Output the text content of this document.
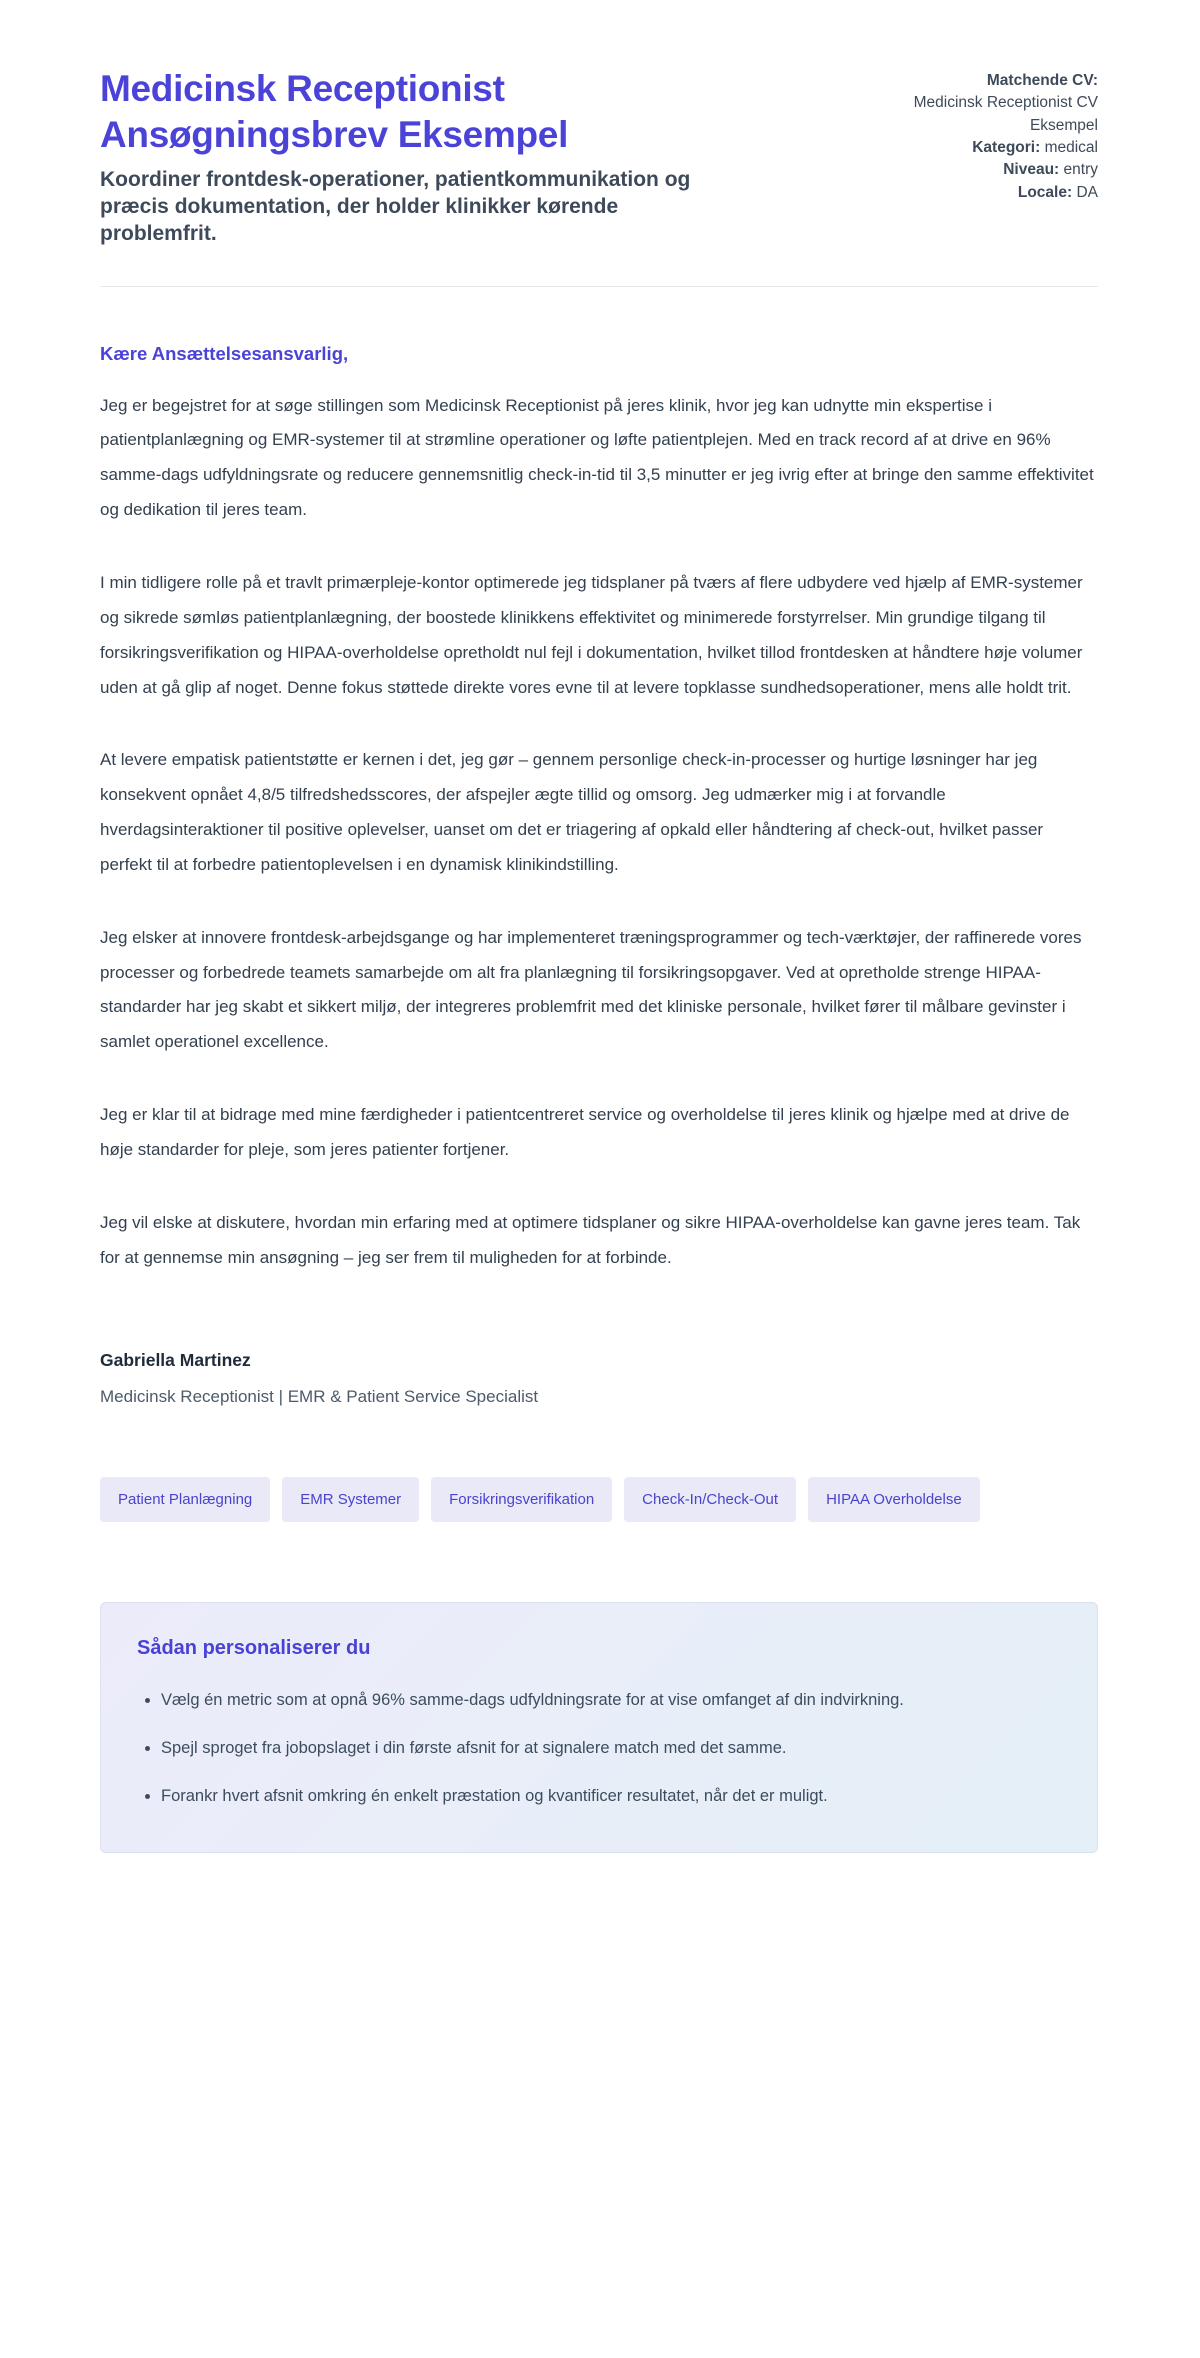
Medicinsk Receptionist Ansøgningsbrev Eksempel
Koordiner frontdesk-operationer, patientkommunikation og præcis dokumentation, der holder klinikker kørende problemfrit.
Matchende CV:
Medicinsk Receptionist CV Eksempel
Kategori: medical
Niveau: entry
Locale: DA
Kære Ansættelsesansvarlig,

Jeg er begejstret for at søge stillingen som Medicinsk Receptionist på jeres klinik, hvor jeg kan udnytte min ekspertise i patientplanlægning og EMR-systemer til at strømline operationer og løfte patientplejen. Med en track record af at drive en 96% samme-dags udfyldningsrate og reducere gennemsnitlig check-in-tid til 3,5 minutter er jeg ivrig efter at bringe den samme effektivitet og dedikation til jeres team.

I min tidligere rolle på et travlt primærpleje-kontor optimerede jeg tidsplaner på tværs af flere udbydere ved hjælp af EMR-systemer og sikrede sømløs patientplanlægning, der boostede klinikkens effektivitet og minimerede forstyrrelser. Min grundige tilgang til forsikringsverifikation og HIPAA-overholdelse opretholdt nul fejl i dokumentation, hvilket tillod frontdesken at håndtere høje volumer uden at gå glip af noget. Denne fokus støttede direkte vores evne til at levere topklasse sundhedsoperationer, mens alle holdt trit.

At levere empatisk patientstøtte er kernen i det, jeg gør – gennem personlige check-in-processer og hurtige løsninger har jeg konsekvent opnået 4,8/5 tilfredshedsscores, der afspejler ægte tillid og omsorg. Jeg udmærker mig i at forvandle hverdagsinteraktioner til positive oplevelser, uanset om det er triagering af opkald eller håndtering af check-out, hvilket passer perfekt til at forbedre patientoplevelsen i en dynamisk klinikindstilling.

Jeg elsker at innovere frontdesk-arbejdsgange og har implementeret træningsprogrammer og tech-værktøjer, der raffinerede vores processer og forbedrede teamets samarbejde om alt fra planlægning til forsikringsopgaver. Ved at opretholde strenge HIPAA-standarder har jeg skabt et sikkert miljø, der integreres problemfrit med det kliniske personale, hvilket fører til målbare gevinster i samlet operationel excellence.

Jeg er klar til at bidrage med mine færdigheder i patientcentreret service og overholdelse til jeres klinik og hjælpe med at drive de høje standarder for pleje, som jeres patienter fortjener.

Jeg vil elske at diskutere, hvordan min erfaring med at optimere tidsplaner og sikre HIPAA-overholdelse kan gavne jeres team. Tak for at gennemse min ansøgning – jeg ser frem til muligheden for at forbinde.

Gabriella Martinez
Medicinsk Receptionist | EMR & Patient Service Specialist
Patient Planlægning	EMR Systemer	Forsikringsverifikation	Check-In/Check-Out	HIPAA Overholdelse
Sådan personaliserer du
• Vælg én metric som at opnå 96% samme-dags udfyldningsrate for at vise omfanget af din indvirkning.
• Spejl sproget fra jobopslaget i din første afsnit for at signalere match med det samme.
• Forankr hvert afsnit omkring én enkelt præstation og kvantificer resultatet, når det er muligt.
